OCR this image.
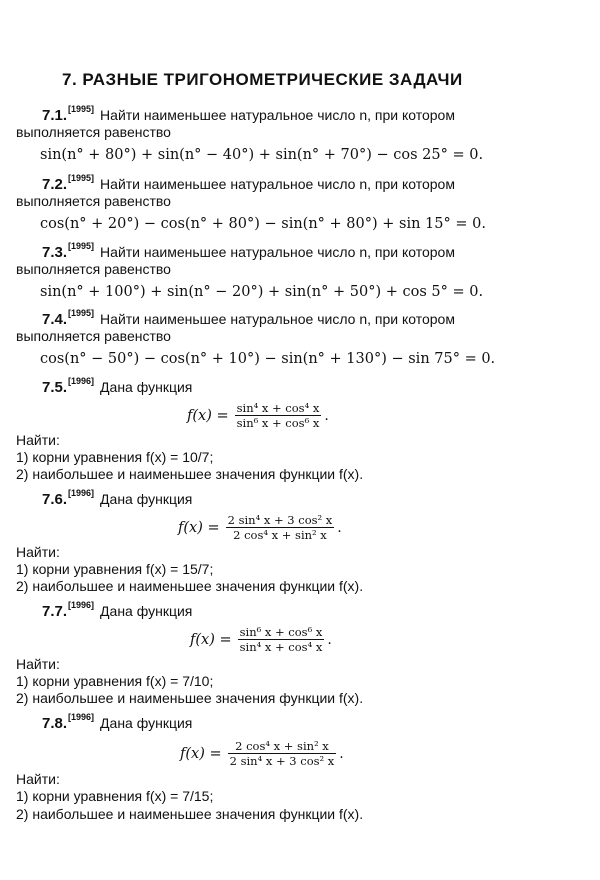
7. РАЗНЫЕ ТРИГОНОМЕТРИЧЕСКИЕ ЗАДАЧИ
7.1.[1995] Найти наименьшее натуральное число n, при котором
выполняется равенство
sin(n° + 80°) + sin(n° − 40°) + sin(n° + 70°) − cos 25° = 0.
7.2.[1995] Найти наименьшее натуральное число n, при котором
выполняется равенство
cos(n° + 20°) − cos(n° + 80°) − sin(n° + 80°) + sin 15° = 0.
7.3.[1995] Найти наименьшее натуральное число n, при котором
выполняется равенство
sin(n° + 100°) + sin(n° − 20°) + sin(n° + 50°) + cos 5° = 0.
7.4.[1995] Найти наименьшее натуральное число n, при котором
выполняется равенство
cos(n° − 50°) − cos(n° + 10°) − sin(n° + 130°) − sin 75° = 0.
7.5.[1996] Дана функция
$f(x) = \frac{\text{sin⁴ x + cos⁴ x}}{\text{sin⁶ x + cos⁶ x}}$ .
Найти:
1) корни уравнения f(x) = 10/7;
2) наибольшее и наименьшее значения функции f(x).
7.6.[1996] Дана функция
$f(x) = \frac{\text{2 sin⁴ x + 3 cos² x}}{\text{2 cos⁴ x + sin² x}}$ .
Найти:
1) корни уравнения f(x) = 15/7;
2) наибольшее и наименьшее значения функции f(x).
7.7.[1996] Дана функция
$f(x) = \frac{\text{sin⁶ x + cos⁶ x}}{\text{sin⁴ x + cos⁴ x}}$ .
Найти:
1) корни уравнения f(x) = 7/10;
2) наибольшее и наименьшее значения функции f(x).
7.8.[1996] Дана функция
$f(x) = \frac{\text{2 cos⁴ x + sin² x}}{\text{2 sin⁴ x + 3 cos² x}}$ .
Найти:
1) корни уравнения f(x) = 7/15;
2) наибольшее и наименьшее значения функции f(x).
